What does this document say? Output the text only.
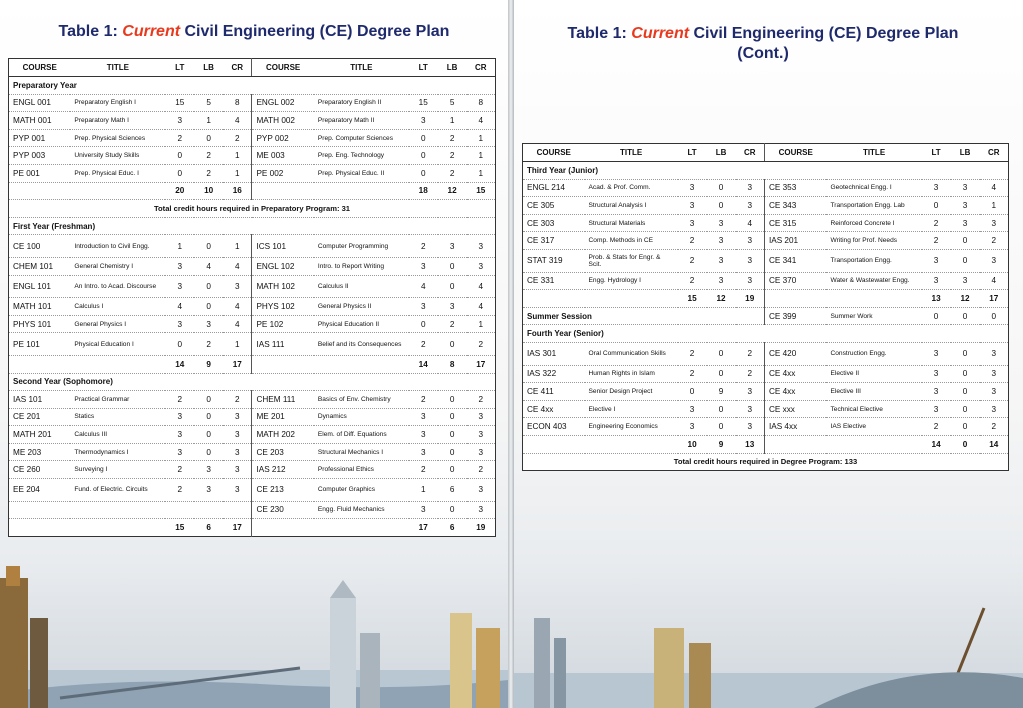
Table 1: Current Civil Engineering (CE) Degree Plan
COURSE	TITLE	LT	LB	CR	COURSE	TITLE	LT	LB	CR
Preparatory Year									
ENGL 001	Preparatory English I	15	5	8	ENGL 002	Preparatory English II	15	5	8
MATH 001	Preparatory Math I	3	1	4	MATH 002	Preparatory Math II	3	1	4
PYP 001	Prep. Physical Sciences	2	0	2	PYP 002	Prep. Computer Sciences	0	2	1
PYP 003	University Study Skills	0	2	1	ME 003	Prep. Eng. Technology	0	2	1
PE 001	Prep. Physical Educ. I	0	2	1	PE 002	Prep. Physical Educ. II	0	2	1
		20	10	16			18	12	15
Total credit hours required in Preparatory Program: 31									
First Year (Freshman)									
CE 100	Introduction to Civil Engg.	1	0	1	ICS 101	Computer Programming	2	3	3
CHEM 101	General Chemistry I	3	4	4	ENGL 102	Intro. to Report Writing	3	0	3
ENGL 101	An Intro. to Acad. Discourse	3	0	3	MATH 102	Calculus II	4	0	4
MATH 101	Calculus I	4	0	4	PHYS 102	General Physics II	3	3	4
PHYS 101	General Physics I	3	3	4	PE 102	Physical Education II	0	2	1
PE 101	Physical Education I	0	2	1	IAS 111	Belief and its Consequences	2	0	2
		14	9	17			14	8	17
Second Year (Sophomore)									
IAS 101	Practical Grammar	2	0	2	CHEM 111	Basics of Env. Chemistry	2	0	2
CE 201	Statics	3	0	3	ME 201	Dynamics	3	0	3
MATH 201	Calculus III	3	0	3	MATH 202	Elem. of Diff. Equations	3	0	3
ME 203	Thermodynamics I	3	0	3	CE 203	Structural Mechanics I	3	0	3
CE 260	Surveying I	2	3	3	IAS 212	Professional Ethics	2	0	2
EE 204	Fund. of Electric. Circuits	2	3	3	CE 213	Computer Graphics	1	6	3
					CE 230	Engg. Fluid Mechanics	3	0	3
		15	6	17			17	6	19
Table 1: Current Civil Engineering (CE) Degree Plan
(Cont.)
COURSE	TITLE	LT	LB	CR	COURSE	TITLE	LT	LB	CR
Third Year (Junior)									
ENGL 214	Acad. & Prof. Comm.	3	0	3	CE 353	Geotechnical Engg. I	3	3	4
CE 305	Structural Analysis I	3	0	3	CE 343	Transportation Engg. Lab	0	3	1
CE 303	Structural Materials	3	3	4	CE 315	Reinforced Concrete I	2	3	3
CE 317	Comp. Methods in CE	2	3	3	IAS 201	Writing for Prof. Needs	2	0	2
STAT 319	Prob. & Stats for Engr. & Scit.	2	3	3	CE 341	Transportation Engg.	3	0	3
CE 331	Engg. Hydrology I	2	3	3	CE 370	Water & Wastewater Engg.	3	3	4
		15	12	19			13	12	17
Summer Session					CE 399	Summer Work	0	0	0
Fourth Year (Senior)									
IAS 301	Oral Communication Skills	2	0	2	CE 420	Construction Engg.	3	0	3
IAS 322	Human Rights in Islam	2	0	2	CE 4xx	Elective II	3	0	3
CE 411	Senior Design Project	0	9	3	CE 4xx	Elective III	3	0	3
CE 4xx	Elective I	3	0	3	CE xxx	Technical Elective	3	0	3
ECON 403	Engineering Economics	3	0	3	IAS 4xx	IAS Elective	2	0	2
		10	9	13			14	0	14
Total credit hours required in Degree Program: 133									
